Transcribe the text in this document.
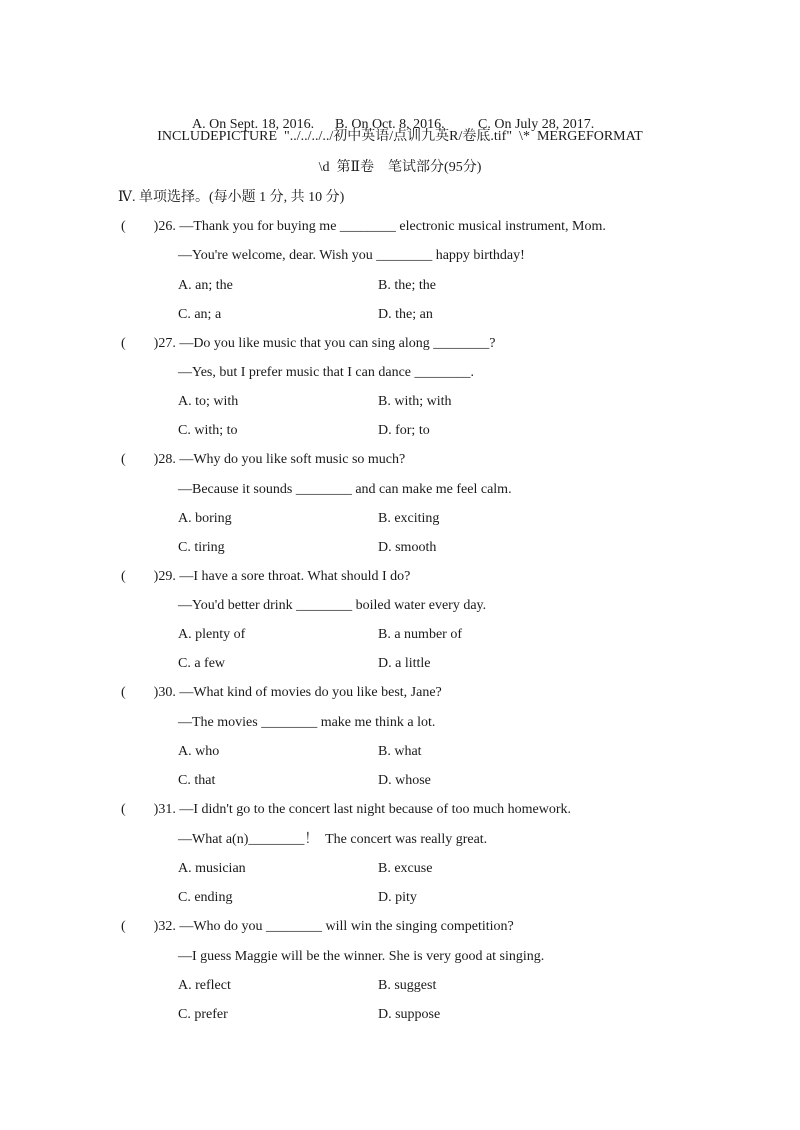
A. On Sept. 18, 2016. B. On Oct. 8, 2016. C. On July 28, 2017.

INCLUDEPICTURE  "../../../../初中英语/点训九英R/卷底.tif"  \*  MERGEFORMAT
\d  第Ⅱ卷    笔试部分(95分)
Ⅳ. 单项选择。(每小题 1 分, 共 10 分)
(        )26. —Thank you for buying me ________ electronic musical instrument, Mom.
—You're welcome, dear. Wish you ________ happy birthday!
A. an; the	B. the; the
C. an; a	D. the; an
(        )27. —Do you like music that you can sing along ________?
—Yes, but I prefer music that I can dance ________.
A. to; with	B. with; with
C. with; to	D. for; to
(        )28. —Why do you like soft music so much?
—Because it sounds ________ and can make me feel calm.
A. boring	B. exciting
C. tiring	D. smooth
(        )29. —I have a sore throat. What should I do?
—You'd better drink ________ boiled water every day.
A. plenty of	B. a number of
C. a few	D. a little
(        )30. —What kind of movies do you like best, Jane?
—The movies ________ make me think a lot.
A. who	B. what
C. that	D. whose
(        )31. —I didn't go to the concert last night because of too much homework.
—What a(n)________！  The concert was really great.
A. musician	B. excuse
C. ending	D. pity
(        )32. —Who do you ________ will win the singing competition?
—I guess Maggie will be the winner. She is very good at singing.
A. reflect	B. suggest
C. prefer	D. suppose
